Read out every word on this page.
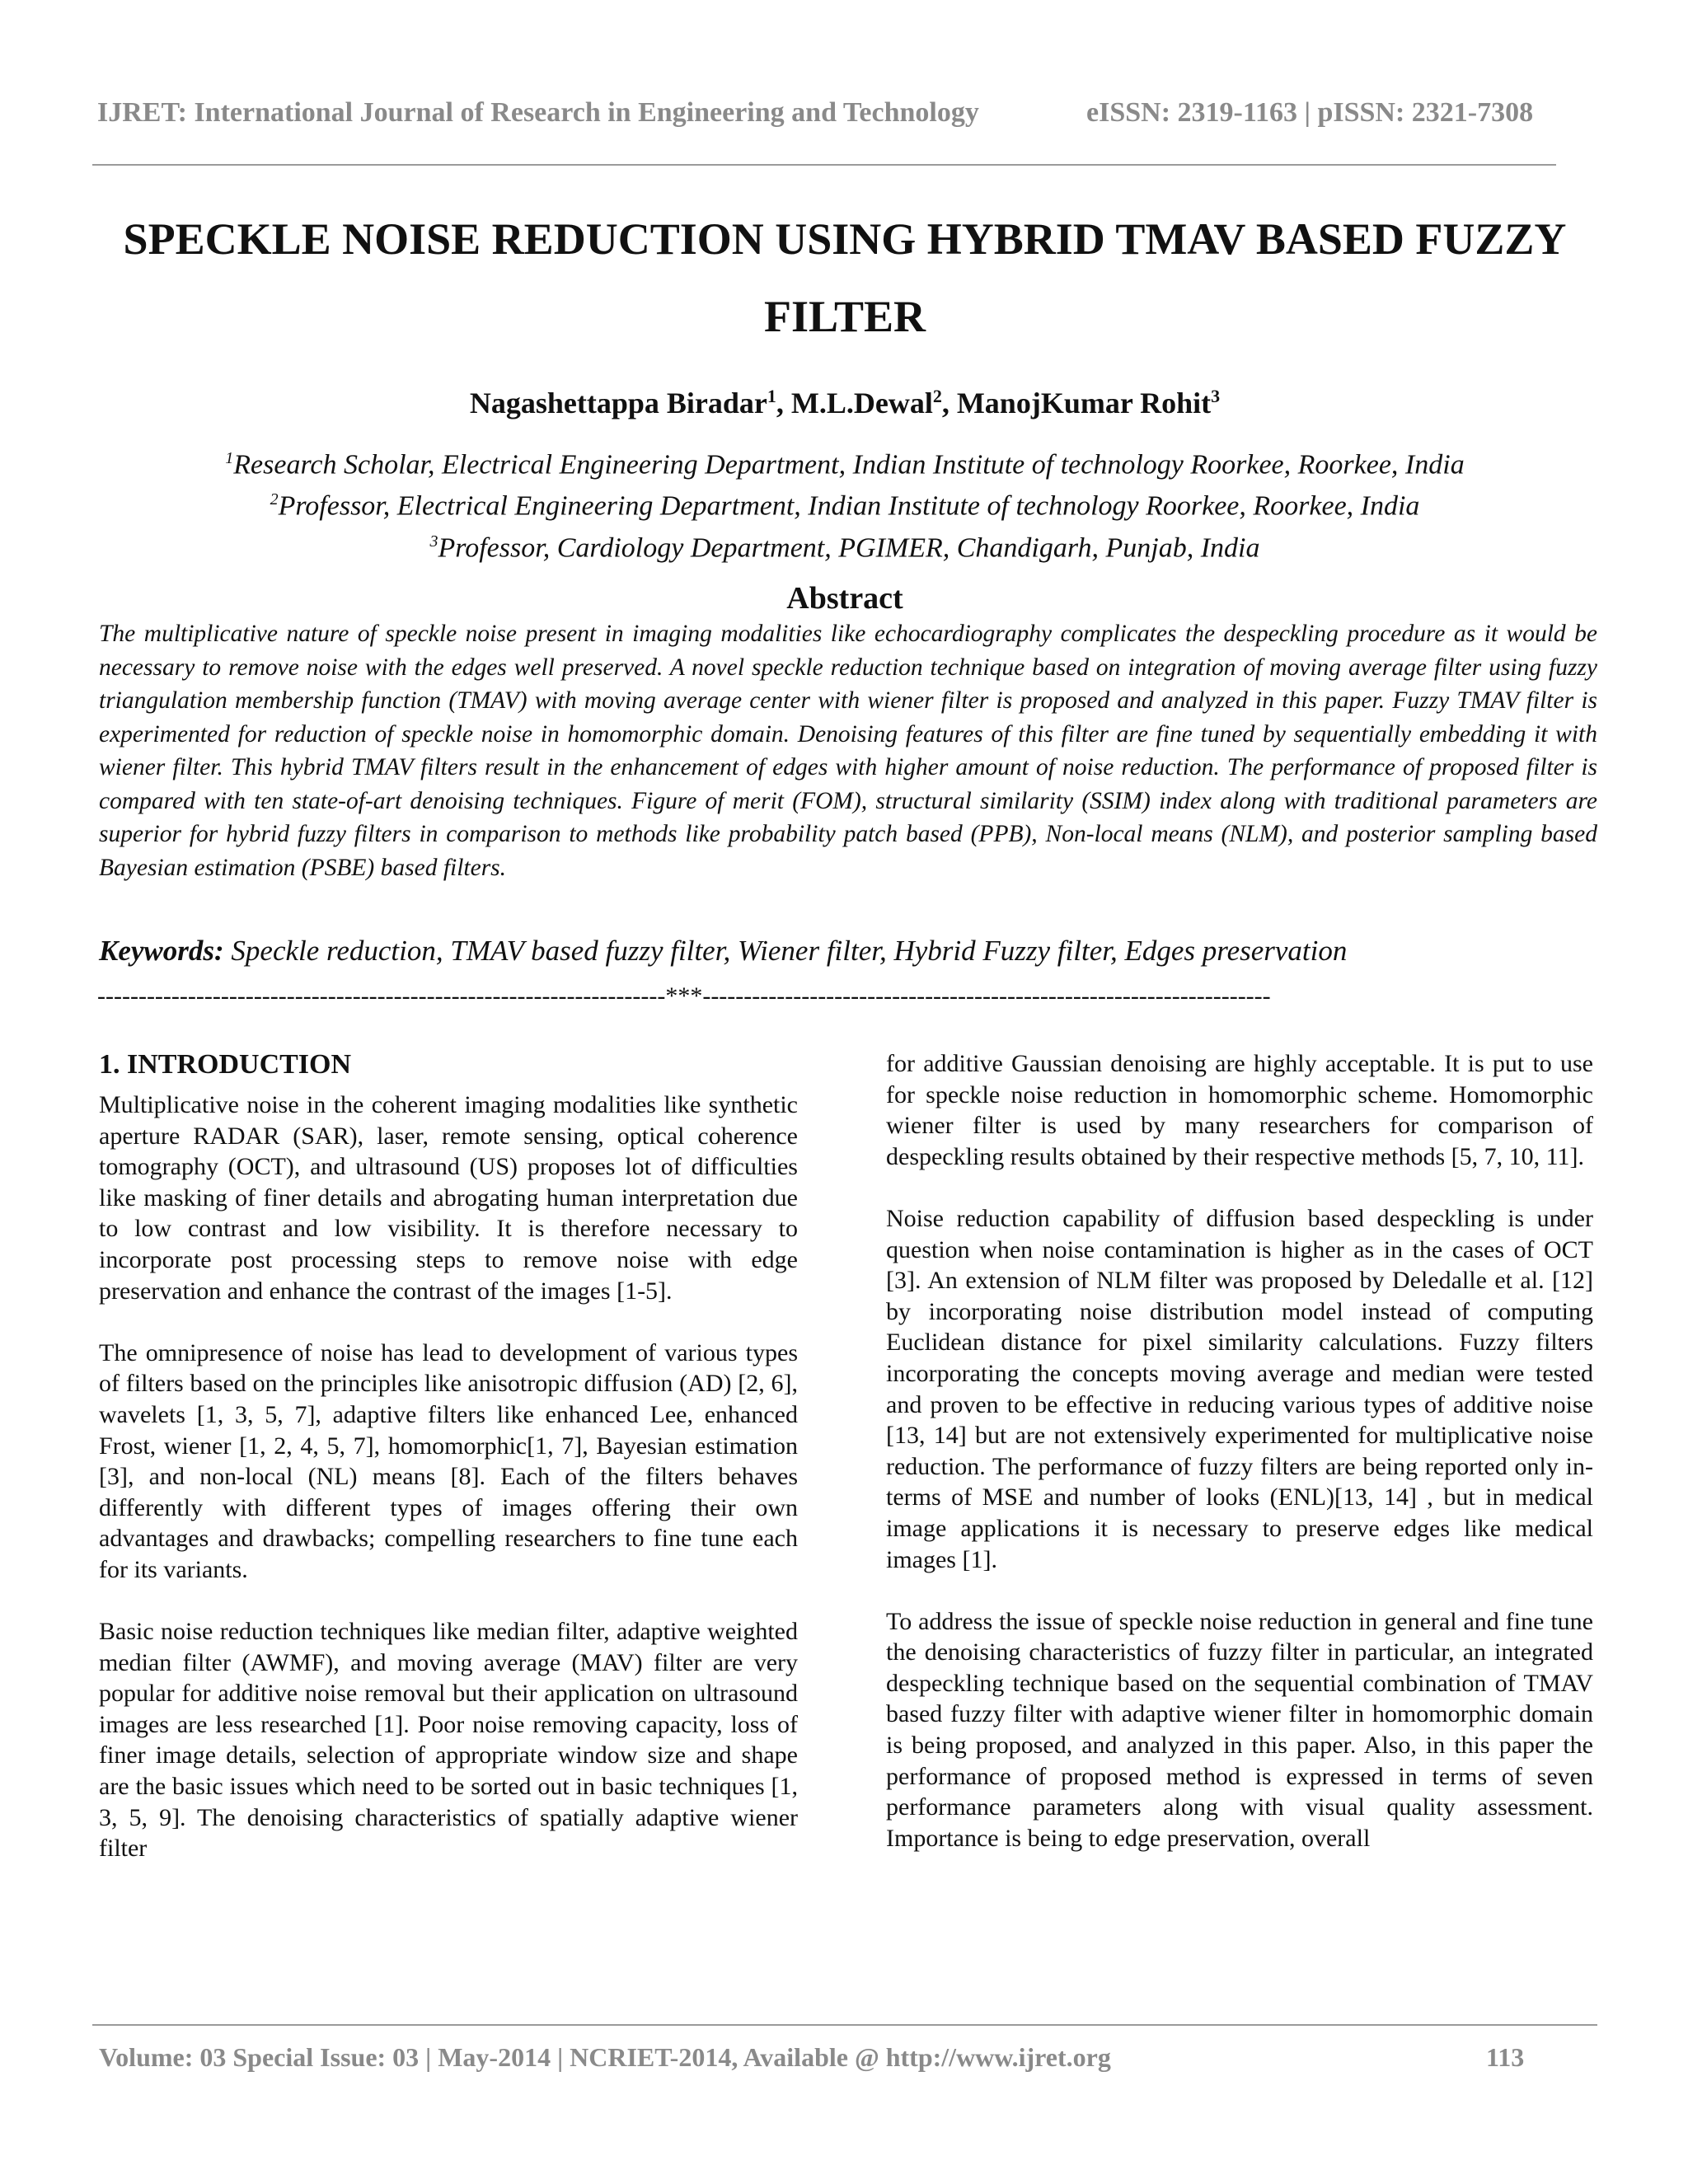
IJRET: International Journal of Research in Engineering and Technology	eISSN: 2319-1163 | pISSN: 2321-7308
SPECKLE NOISE REDUCTION USING HYBRID TMAV BASED FUZZY
FILTER
Nagashettappa Biradar$^1$, M.L.Dewal$^2$, ManojKumar Rohit$^3$
$^1$Research Scholar, Electrical Engineering Department, Indian Institute of technology Roorkee, Roorkee, India
$^2$Professor, Electrical Engineering Department, Indian Institute of technology Roorkee, Roorkee, India
$^3$Professor, Cardiology Department, PGIMER, Chandigarh, Punjab, India
Abstract
The multiplicative nature of speckle noise present in imaging modalities like echocardiography complicates the despeckling procedure as it would be necessary to remove noise with the edges well preserved. A novel speckle reduction technique based on integration of moving average filter using fuzzy triangulation membership function (TMAV) with moving average center with wiener filter is proposed and analyzed in this paper. Fuzzy TMAV filter is experimented for reduction of speckle noise in homomorphic domain. Denoising features of this filter are fine tuned by sequentially embedding it with wiener filter. This hybrid TMAV filters result in the enhancement of edges with higher amount of noise reduction. The performance of proposed filter is compared with ten state-of-art denoising techniques. Figure of merit (FOM), structural similarity (SSIM) index along with traditional parameters are superior for hybrid fuzzy filters in comparison to methods like probability patch based (PPB), Non-local means (NLM), and posterior sampling based Bayesian estimation (PSBE) based filters.
Keywords: Speckle reduction, TMAV based fuzzy filter, Wiener filter, Hybrid Fuzzy filter, Edges preservation
---------------------------------------------------------------------***---------------------------------------------------------------------
1. INTRODUCTION

Multiplicative noise in the coherent imaging modalities like synthetic aperture RADAR (SAR), laser, remote sensing, optical coherence tomography (OCT), and ultrasound (US) proposes lot of difficulties like masking of finer details and abrogating human interpretation due to low contrast and low visibility. It is therefore necessary to incorporate post processing steps to remove noise with edge preservation and enhance the contrast of the images [1-5].

The omnipresence of noise has lead to development of various types of filters based on the principles like anisotropic diffusion (AD) [2, 6], wavelets [1, 3, 5, 7], adaptive filters like enhanced Lee, enhanced Frost, wiener [1, 2, 4, 5, 7], homomorphic[1, 7], Bayesian estimation [3], and non-local (NL) means [8]. Each of the filters behaves differently with different types of images offering their own advantages and drawbacks; compelling researchers to fine tune each for its variants.

Basic noise reduction techniques like median filter, adaptive weighted median filter (AWMF), and moving average (MAV) filter are very popular for additive noise removal but their application on ultrasound images are less researched [1]. Poor noise removing capacity, loss of finer image details, selection of appropriate window size and shape are the basic issues which need to be sorted out in basic techniques [1, 3, 5, 9]. The denoising characteristics of spatially adaptive wiener filter

for additive Gaussian denoising are highly acceptable. It is put to use for speckle noise reduction in homomorphic scheme. Homomorphic wiener filter is used by many researchers for comparison of despeckling results obtained by their respective methods [5, 7, 10, 11].

Noise reduction capability of diffusion based despeckling is under question when noise contamination is higher as in the cases of OCT [3]. An extension of NLM filter was proposed by Deledalle et al. [12] by incorporating noise distribution model instead of computing Euclidean distance for pixel similarity calculations. Fuzzy filters incorporating the concepts moving average and median were tested and proven to be effective in reducing various types of additive noise [13, 14] but are not extensively experimented for multiplicative noise reduction. The performance of fuzzy filters are being reported only in-terms of MSE and number of looks (ENL)[13, 14] , but in medical image applications it is necessary to preserve edges like medical images [1].

To address the issue of speckle noise reduction in general and fine tune the denoising characteristics of fuzzy filter in particular, an integrated despeckling technique based on the sequential combination of TMAV based fuzzy filter with adaptive wiener filter in homomorphic domain is being proposed, and analyzed in this paper. Also, in this paper the performance of proposed method is expressed in terms of seven performance parameters along with visual quality assessment. Importance is being to edge preservation, overall

Volume: 03 Special Issue: 03 | May-2014 | NCRIET-2014, Available @ http://www.ijret.org	113
